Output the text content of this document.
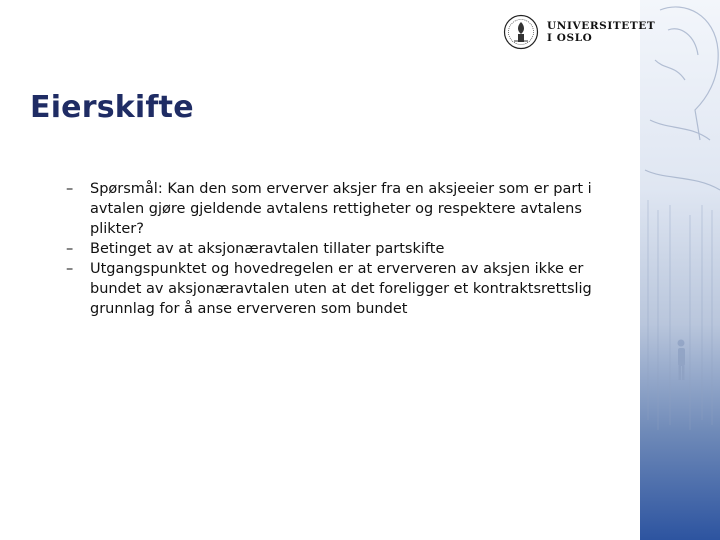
UNIVERSITETET
I OSLO
Eierskifte
– Spørsmål: Kan den som erverver aksjer fra en aksjeeier som er part i avtalen gjøre gjeldende avtalens rettigheter og respektere avtalens plikter?
– Betinget av at aksjonæravtalen tillater partskifte
– Utgangspunktet og hovedregelen er at erververen av aksjen ikke er bundet av aksjonæravtalen uten at det foreligger et kontraktsrettslig grunnlag for å anse erververen som bundet
